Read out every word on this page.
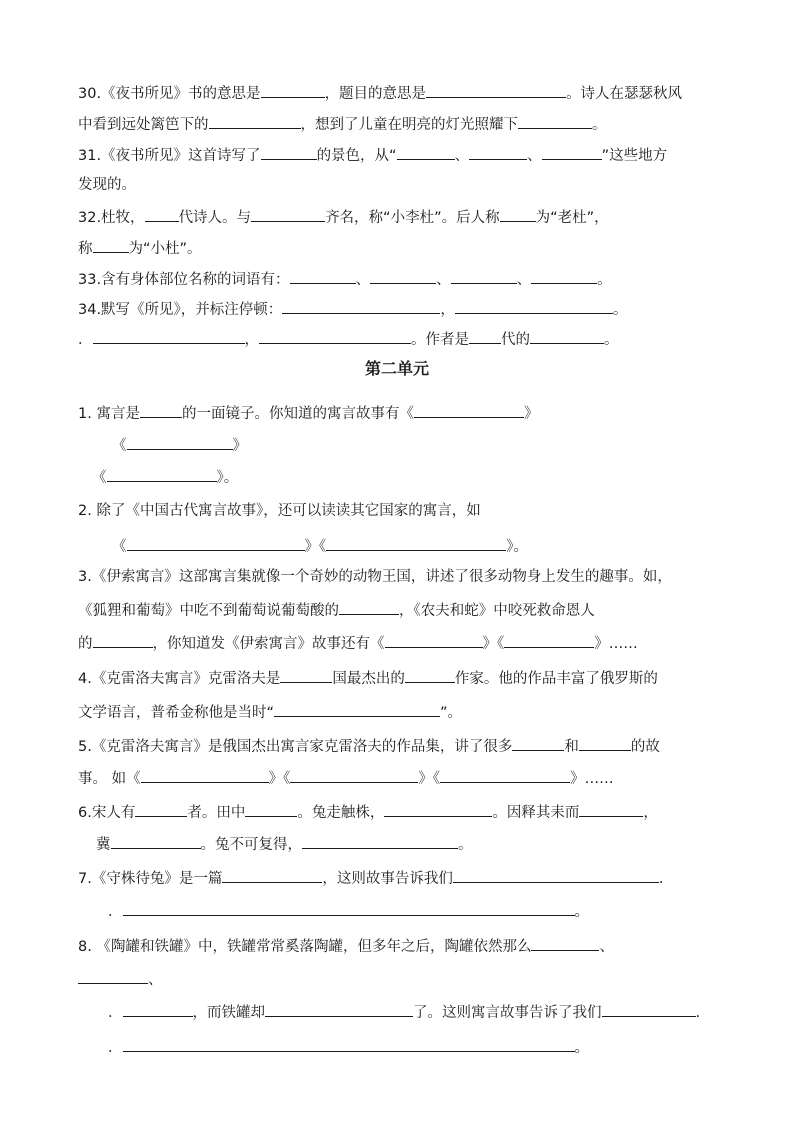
30.《夜书所见》书的意思是	，题目的意思是	。诗人在瑟瑟秋风
中看到远处篱笆下的	，想到了儿童在明亮的灯光照耀下	。
31.《夜书所见》这首诗写了	的景色，从“	、	、	”这些地方
发现的。
32.杜牧， 代诗人。与	齐名，称“小李杜”。后人称 为“老杜”，
称 为“小杜”。
33.含有身体部位名称的词语有：	、	、	、	。
34.默写《所见》，并标注停顿：	，	。
．	，	。作者是 代的	。
第二单元
1. 寓言是	的一面镜子。你知道的寓言故事有《	》
《	》
《	》。
2. 除了《中国古代寓言故事》，还可以读读其它国家的寓言，如
《	》《	》。
3.《伊索寓言》这部寓言集就像一个奇妙的动物王国，讲述了很多动物身上发生的趣事。如，
《狐狸和葡萄》中吃不到葡萄说葡萄酸的	，《农夫和蛇》中咬死救命恩人
的	，你知道发《伊索寓言》故事还有《	》《	》……
4.《克雷洛夫寓言》克雷洛夫是	国最杰出的	作家。他的作品丰富了俄罗斯的
文学语言，普希金称他是当时“	”。
5.《克雷洛夫寓言》是俄国杰出寓言家克雷洛夫的作品集，讲了很多	和	的故
事。 如《	》《	》《	》……
6.宋人有	者。田中	。兔走触株，	。因释其耒而	，
冀	。兔不可复得，	。
7.《守株待兔》是一篇	，这则故事告诉我们	.
．	。
8. 《陶罐和铁罐》中，铁罐常常奚落陶罐，但多年之后，陶罐依然那么	、
、
．	，而铁罐却	了。这则寓言故事告诉了我们	.
．	。
